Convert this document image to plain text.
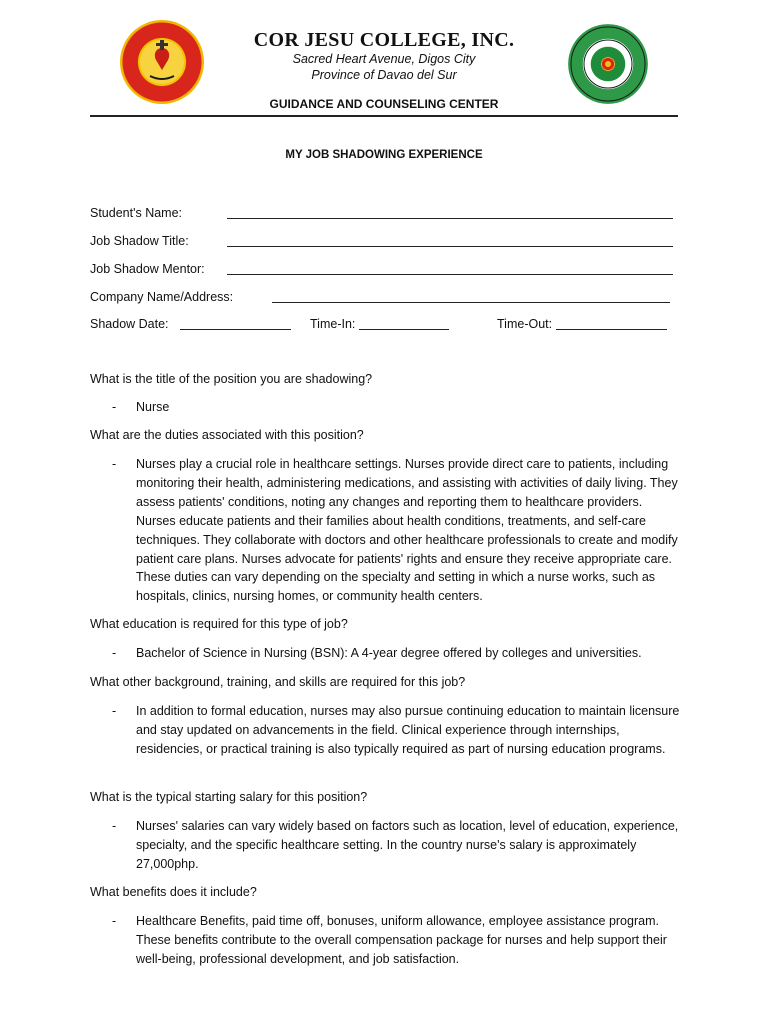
COR JESU COLLEGE, INC.
Sacred Heart Avenue, Digos City
Province of Davao del Sur
GUIDANCE AND COUNSELING CENTER
MY JOB SHADOWING EXPERIENCE
Student's Name:
Job Shadow Title:
Job Shadow Mentor:
Company Name/Address:
Shadow Date:	Time-In:	Time-Out:
What is the title of the position you are shadowing?
- Nurse
What are the duties associated with this position?
- Nurses play a crucial role in healthcare settings. Nurses provide direct care to patients, including monitoring their health, administering medications, and assisting with activities of daily living. They assess patients' conditions, noting any changes and reporting them to healthcare providers. Nurses educate patients and their families about health conditions, treatments, and self-care techniques. They collaborate with doctors and other healthcare professionals to create and modify patient care plans. Nurses advocate for patients' rights and ensure they receive appropriate care. These duties can vary depending on the specialty and setting in which a nurse works, such as hospitals, clinics, nursing homes, or community health centers.
What education is required for this type of job?
- Bachelor of Science in Nursing (BSN): A 4-year degree offered by colleges and universities.
What other background, training, and skills are required for this job?
- In addition to formal education, nurses may also pursue continuing education to maintain licensure and stay updated on advancements in the field. Clinical experience through internships, residencies, or practical training is also typically required as part of nursing education programs.
What is the typical starting salary for this position?
- Nurses' salaries can vary widely based on factors such as location, level of education, experience, specialty, and the specific healthcare setting. In the country nurse's salary is approximately 27,000php.
What benefits does it include?
- Healthcare Benefits, paid time off, bonuses, uniform allowance, employee assistance program. These benefits contribute to the overall compensation package for nurses and help support their well-being, professional development, and job satisfaction.
